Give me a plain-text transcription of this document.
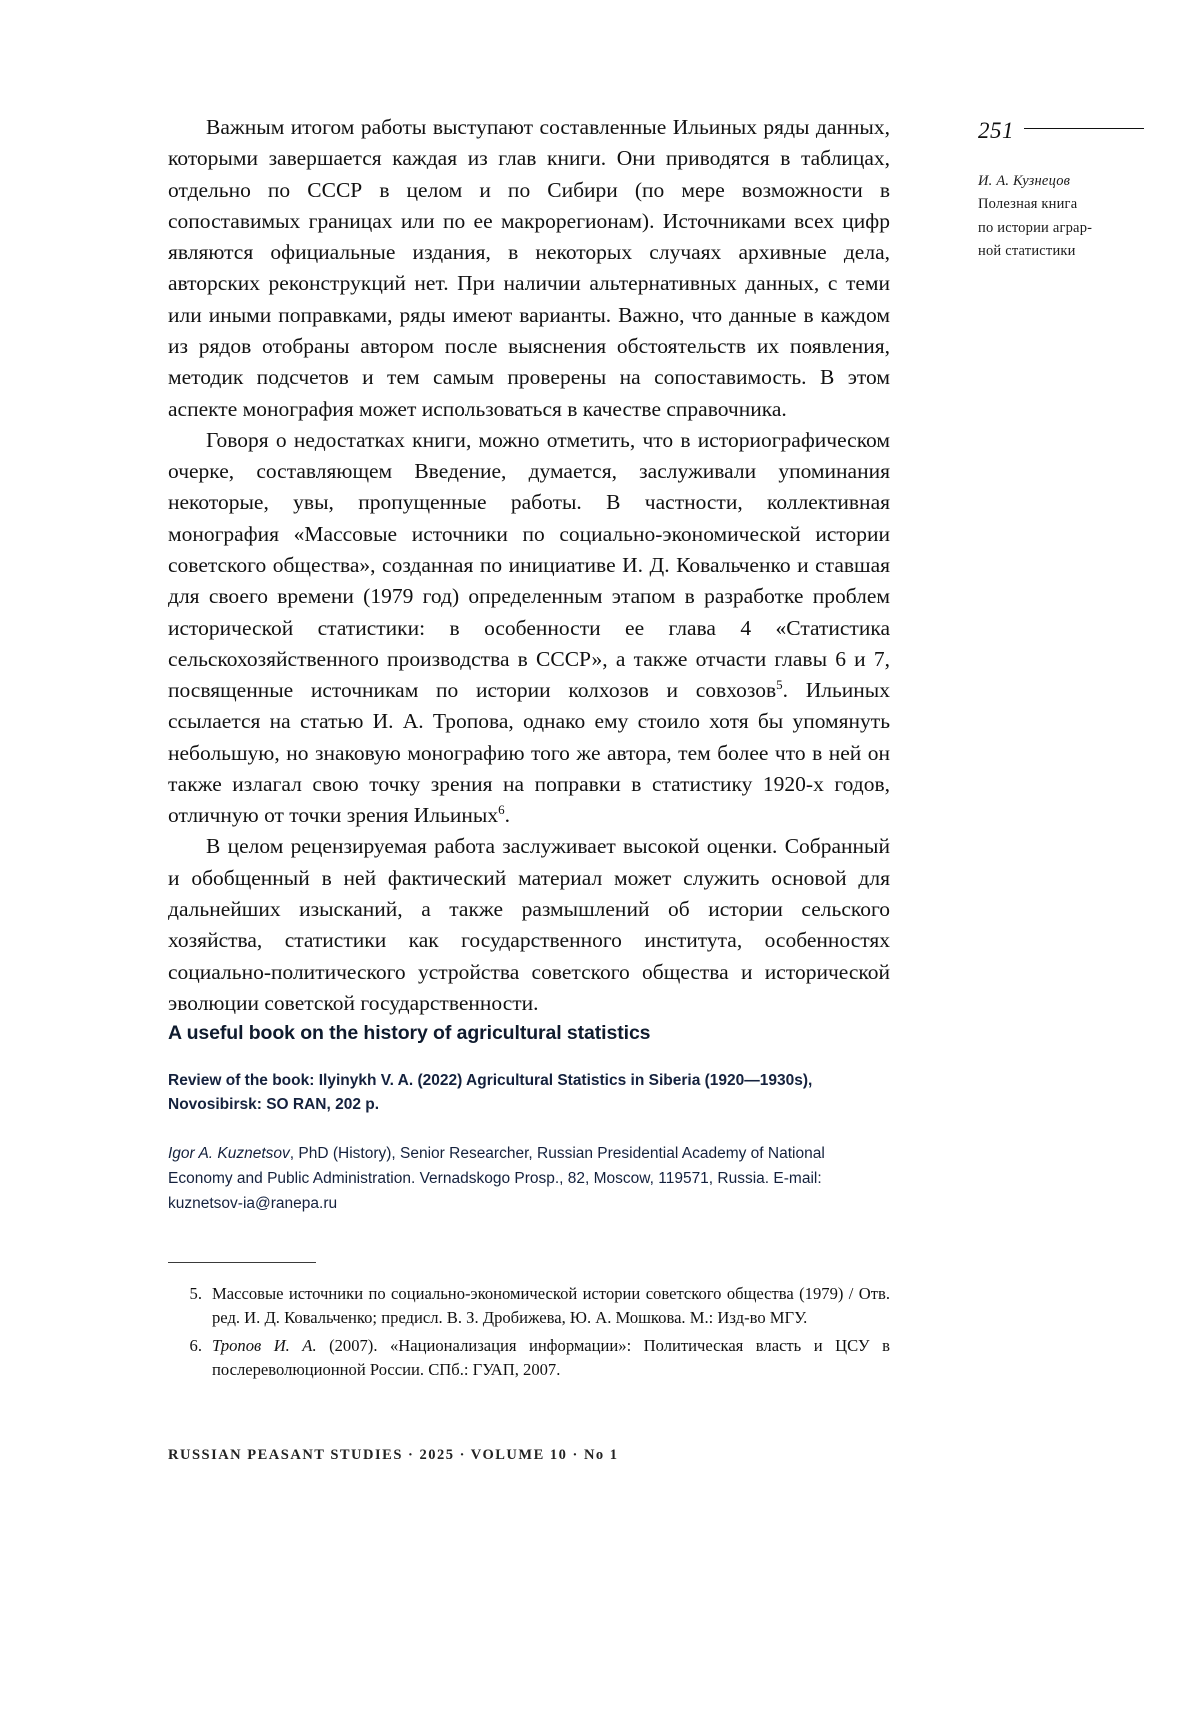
251
И. А. Кузнецов
Полезная книга
по истории аграр-
ной статистики

Важным итогом работы выступают составленные Ильиных ряды данных, которыми завершается каждая из глав книги. Они приводятся в таблицах, отдельно по СССР в целом и по Сибири (по мере возможности в сопоставимых границах или по ее макрорегионам). Источниками всех цифр являются официальные издания, в некоторых случаях архивные дела, авторских реконструкций нет. При наличии альтернативных данных, с теми или иными поправками, ряды имеют варианты. Важно, что данные в каждом из рядов отобраны автором после выяснения обстоятельств их появления, методик подсчетов и тем самым проверены на сопоставимость. В этом аспекте монография может использоваться в качестве справочника.

Говоря о недостатках книги, можно отметить, что в историографическом очерке, составляющем Введение, думается, заслуживали упоминания некоторые, увы, пропущенные работы. В частности, коллективная монография «Массовые источники по социально-экономической истории советского общества», созданная по инициативе И. Д. Ковальченко и ставшая для своего времени (1979 год) определенным этапом в разработке проблем исторической статистики: в особенности ее глава 4 «Статистика сельскохозяйственного производства в СССР», а также отчасти главы 6 и 7, посвященные источникам по истории колхозов и совхозов$^5$. Ильиных ссылается на статью И. А. Тропова, однако ему стоило хотя бы упомянуть небольшую, но знаковую монографию того же автора, тем более что в ней он также излагал свою точку зрения на поправки в статистику 1920-х годов, отличную от точки зрения Ильиных$^6$.

В целом рецензируемая работа заслуживает высокой оценки. Собранный и обобщенный в ней фактический материал может служить основой для дальнейших изысканий, а также размышлений об истории сельского хозяйства, статистики как государственного института, особенностях социально-политического устройства советского общества и исторической эволюции советской государственности.

A useful book on the history of agricultural statistics

Review of the book: Ilyinykh V. A. (2022) Agricultural Statistics in Siberia (1920—1930s), Novosibirsk: SO RAN, 202 p.

Igor A. Kuznetsov, PhD (History), Senior Researcher, Russian Presidential Academy of National Economy and Public Administration. Vernadskogo Prosp., 82, Moscow, 119571, Russia. E-mail: kuznetsov-ia@ranepa.ru

5. Массовые источники по социально-экономической истории советского общества (1979) / Отв. ред. И. Д. Ковальченко; предисл. В. З. Дробижева, Ю. А. Мошкова. М.: Изд-во МГУ.
6. Тропов И. А. (2007). «Национализация информации»: Политическая власть и ЦСУ в послереволюционной России. СПб.: ГУАП, 2007.
RUSSIAN PEASANT STUDIES · 2025 · VOLUME 10 · No 1
